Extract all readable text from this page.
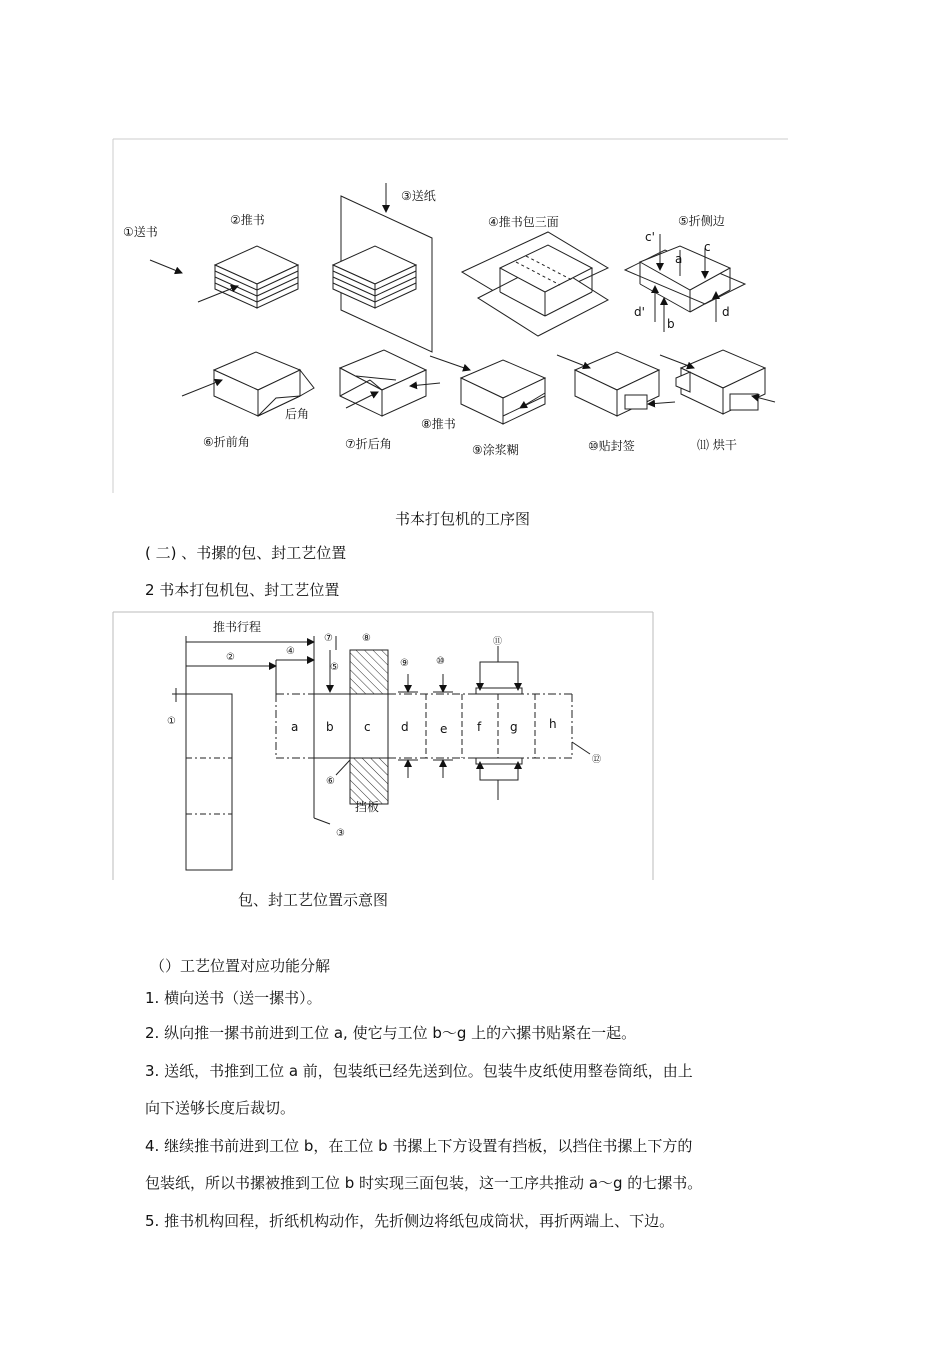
①送书
②推书
③送纸
④推书包三面	⑤折侧边
c'
c
a
d'
b
d
后角
⑥折前角	⑦折后角
⑧推书
⑨涂浆糊	⑩贴封签	⑾ 烘干
书本打包机的工序图
( 二) 、书摞的包、封工艺位置
2 书本打包机包、封工艺位置
推书行程
①
②
④
⑦	⑧
⑤	⑨	⑩
⑪
a b	c	d	e f g	h
⑥
⑫
挡板
③
包、封工艺位置示意图
（）工艺位置对应功能分解
1. 横向送书（送一摞书）。
2. 纵向推一摞书前进到工位 a, 使它与工位 b～g 上的六摞书贴紧在一起。
3. 送纸，书推到工位 a 前，包装纸已经先送到位。包装牛皮纸使用整卷筒纸，由上
向下送够长度后裁切。
4. 继续推书前进到工位 b，在工位 b 书摞上下方设置有挡板，以挡住书摞上下方的
包装纸，所以书摞被推到工位 b 时实现三面包装，这一工序共推动 a～g 的七摞书。
5. 推书机构回程，折纸机构动作，先折侧边将纸包成筒状，再折两端上、下边。
